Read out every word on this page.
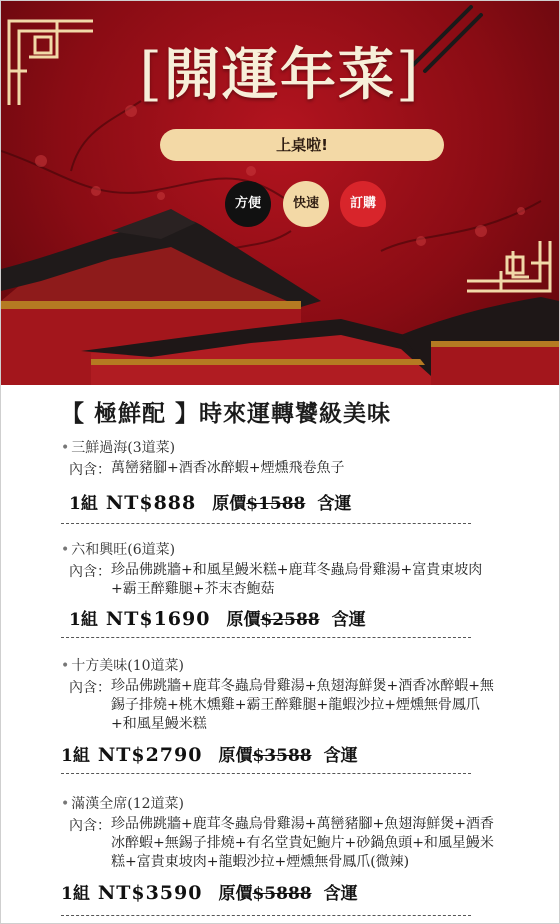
[開運年菜]
上桌啦!
方便	快速	訂購
【 極鮮配 】時來運轉饕級美味
• 三鮮過海(3道菜)
內含： 萬巒豬腳+酒香冰醉蝦+煙燻飛卷魚子
1組 NT$888 原價$1588 含運
• 六和興旺(6道菜)
內含： 珍品佛跳牆+和風星鰻米糕+鹿茸冬蟲烏骨雞湯+富貴東坡肉+霸王醉雞腿+芥末杏鮑菇
1組 NT$1690 原價$2588 含運
• 十方美味(10道菜)
內含： 珍品佛跳牆+鹿茸冬蟲烏骨雞湯+魚翅海鮮煲+酒香冰醉蝦+無錫子排燒+桃木燻雞+霸王醉雞腿+龍蝦沙拉+煙燻無骨鳳爪+和風星鰻米糕
1組 NT$2790 原價$3588 含運
• 滿漢全席(12道菜)
內含： 珍品佛跳牆+鹿茸冬蟲烏骨雞湯+萬巒豬腳+魚翅海鮮煲+酒香冰醉蝦+無錫子排燒+有名堂貴妃鮑片+砂鍋魚頭+和風星鰻米糕+富貴東坡肉+龍蝦沙拉+煙燻無骨鳳爪(微辣)
1組 NT$3590 原價$5888 含運
